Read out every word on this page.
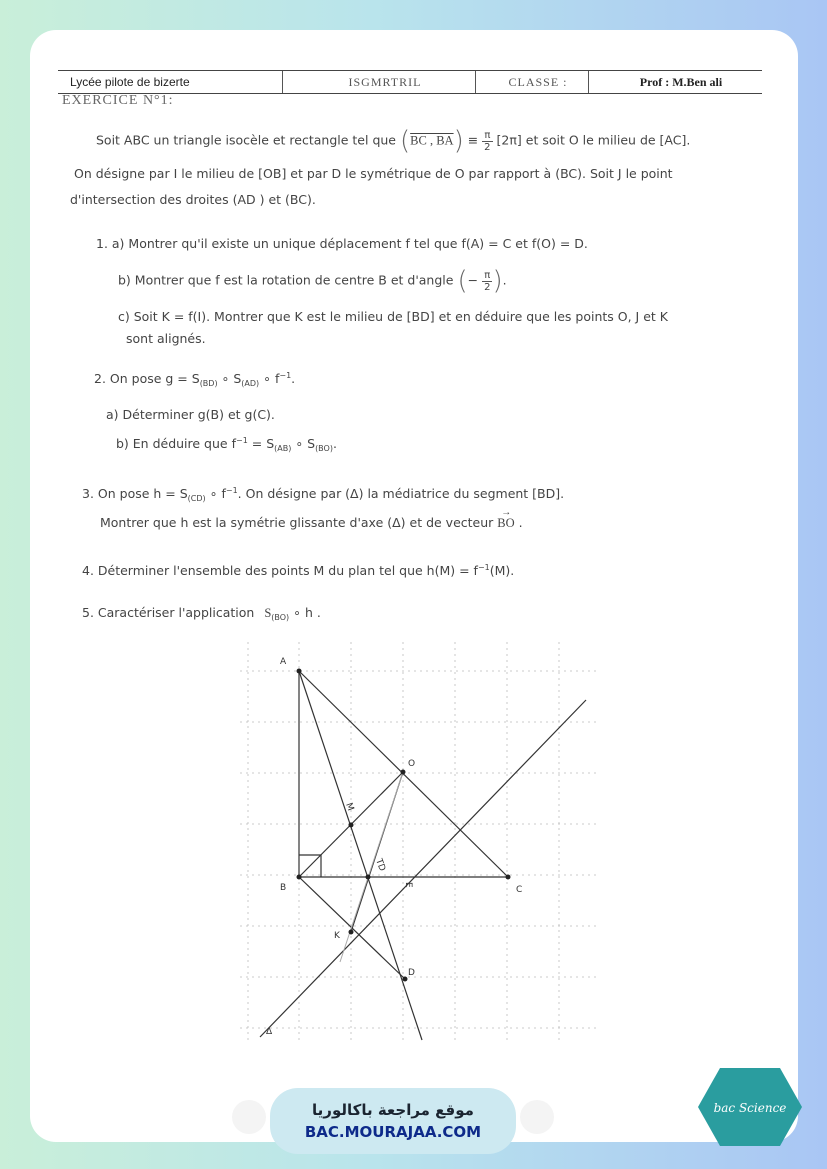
Lycée pilote de bizerte	ISGMRTRIL	CLASSE :	Prof : M.Ben ali
EXERCICE N°1:
Soit ABC un triangle isocèle et rectangle tel que (BC , $BA) \equiv \frac{\pi}{2} [2\pi]$ et soit O le milieu de [AC].
On désigne par I le milieu de [OB] et par D le symétrique de O par rapport à (BC). Soit J le point
d'intersection des droites (AD ) et (BC).
1. a) Montrer qu'il existe un unique déplacement f tel que f(A) = C et f(O) = D.
b) Montrer que f est la rotation de centre B et d'angle (− $\frac{\pi}{2}$ ).
c) Soit K = f(I). Montrer que K est le milieu de [BD] et en déduire que les points O, J et K
sont alignés.
2. On pose $g = S_{(BD)}$ ∘ $S_{(AD)}$ ∘ $f^{-1}$.
a) Déterminer g(B) et g(C).
b) En déduire que $f^{-1} = S_{(AB)}$ ∘ $S_{(BO)}$.
3. On pose $h = S_{(CD)}$ ∘ $f^{-1}$. On désigne par (Δ) la médiatrice du segment [BD].
Montrer que h est la symétrie glissante d'axe (Δ) et de vecteur
→
BO .
4. Déterminer l'ensemble des points M du plan tel que $h(M) = f^{-1}(M)$.
5. Caractériser l'application $S_{(BO)}$ ∘ h .
A
O
B	C
K
D
Δ
M
TD
E
موقع مراجعة باكالوريا
BAC.MOURAJAA.COM
bac Science
